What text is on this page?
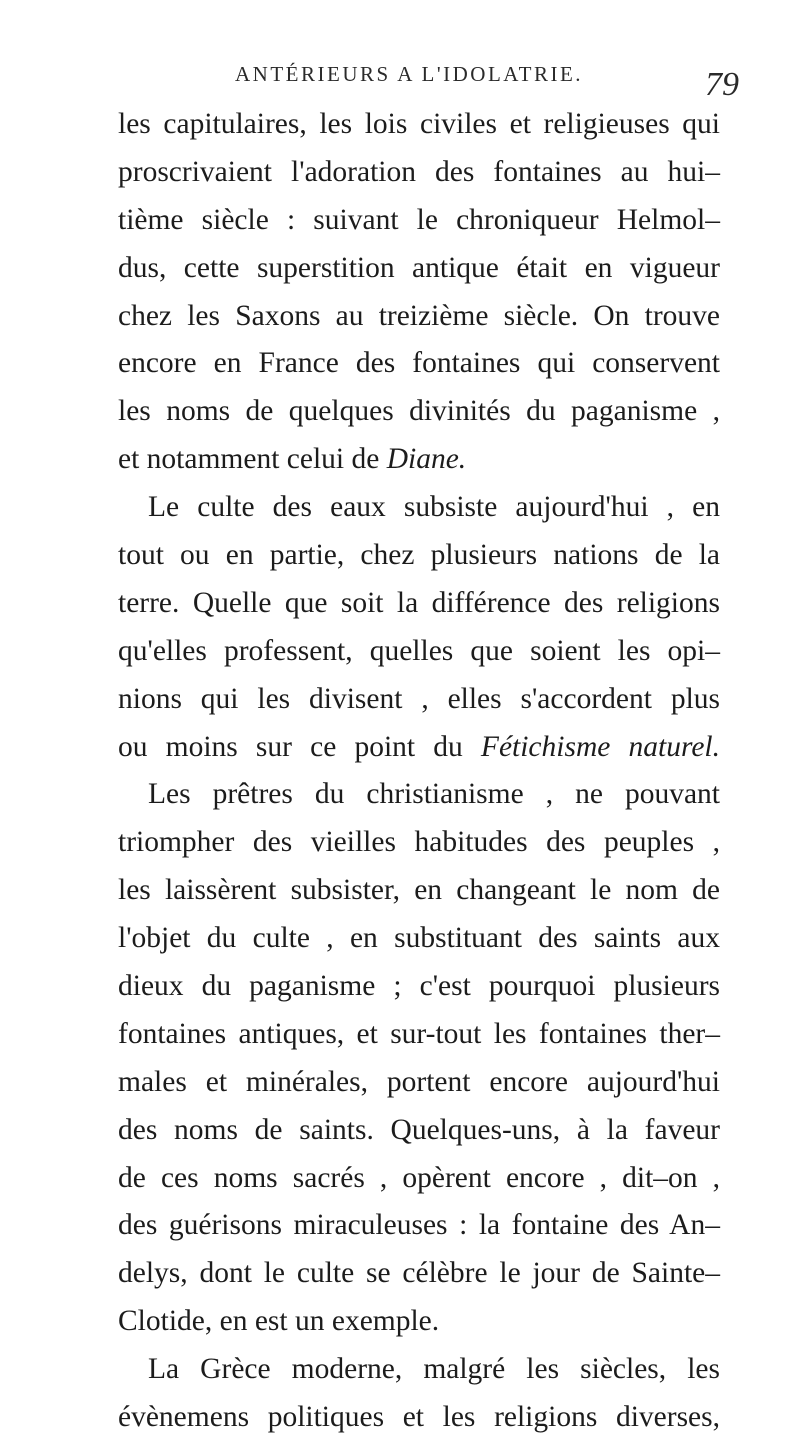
ANTÉRIEURS A L'IDOLATRIE.	79
les capitulaires, les lois civiles et religieuses qui
proscrivaient l'adoration des fontaines au hui–
tième siècle : suivant le chroniqueur Helmol–
dus, cette superstition antique était en vigueur
chez les Saxons au treizième siècle. On trouve
encore en France des fontaines qui conservent
les noms de quelques divinités du paganisme ,
et notamment celui de Diane.
Le culte des eaux subsiste aujourd'hui , en
tout ou en partie, chez plusieurs nations de la
terre. Quelle que soit la différence des religions
qu'elles professent, quelles que soient les opi–
nions qui les divisent , elles s'accordent plus
ou moins sur ce point du Fétichisme naturel.
Les prêtres du christianisme , ne pouvant
triompher des vieilles habitudes des peuples ,
les laissèrent subsister, en changeant le nom de
l'objet du culte , en substituant des saints aux
dieux du paganisme ; c'est pourquoi plusieurs
fontaines antiques, et sur-tout les fontaines ther–
males et minérales, portent encore aujourd'hui
des noms de saints. Quelques-uns, à la faveur
de ces noms sacrés , opèrent encore , dit–on ,
des guérisons miraculeuses : la fontaine des An–
delys, dont le culte se célèbre le jour de Sainte–
Clotide, en est un exemple.
La Grèce moderne, malgré les siècles, les
évènemens politiques et les religions diverses,
